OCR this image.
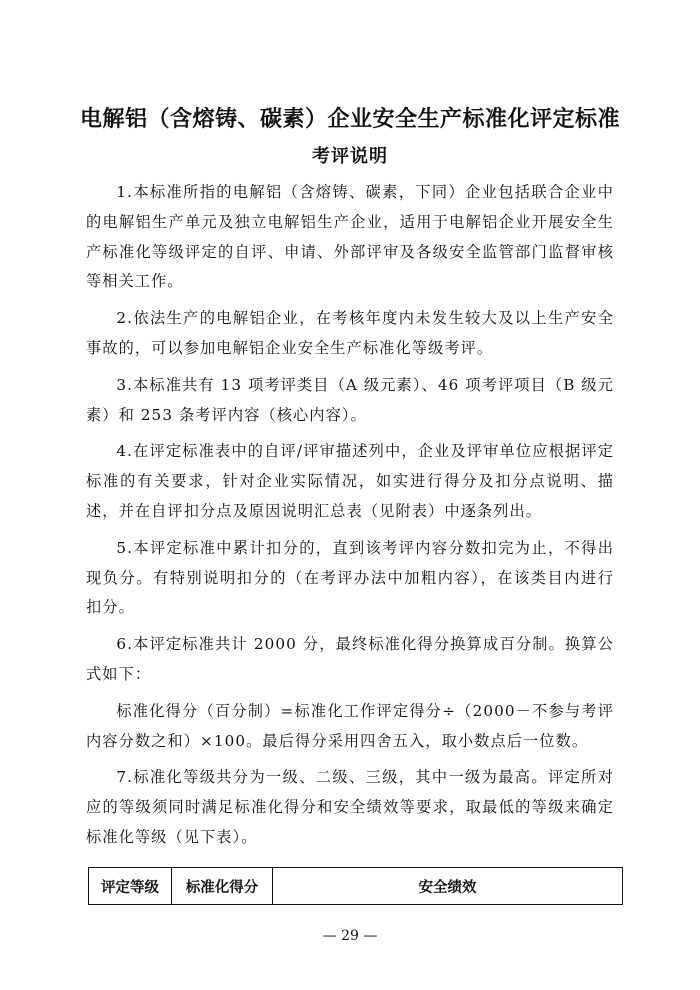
电解铝（含熔铸、碳素）企业安全生产标准化评定标准
考评说明

1.本标准所指的电解铝（含熔铸、碳素，下同）企业包括联合企业中的电解铝生产单元及独立电解铝生产企业，适用于电解铝企业开展安全生产标准化等级评定的自评、申请、外部评审及各级安全监管部门监督审核等相关工作。

2.依法生产的电解铝企业，在考核年度内未发生较大及以上生产安全事故的，可以参加电解铝企业安全生产标准化等级考评。

3.本标准共有 13 项考评类目（A 级元素）、46 项考评项目（B 级元素）和 253 条考评内容（核心内容）。

4.在评定标准表中的自评/评审描述列中，企业及评审单位应根据评定标准的有关要求，针对企业实际情况，如实进行得分及扣分点说明、描述，并在自评扣分点及原因说明汇总表（见附表）中逐条列出。

5.本评定标准中累计扣分的，直到该考评内容分数扣完为止，不得出现负分。有特别说明扣分的（在考评办法中加粗内容），在该类目内进行扣分。

6.本评定标准共计 2000 分，最终标准化得分换算成百分制。换算公式如下：

标准化得分（百分制）=标准化工作评定得分÷（2000－不参与考评内容分数之和）×100。最后得分采用四舍五入，取小数点后一位数。

7.标准化等级共分为一级、二级、三级，其中一级为最高。评定所对应的等级须同时满足标准化得分和安全绩效等要求，取最低的等级来确定标准化等级（见下表）。

评定等级	标准化得分	安全绩效
— 29 —
